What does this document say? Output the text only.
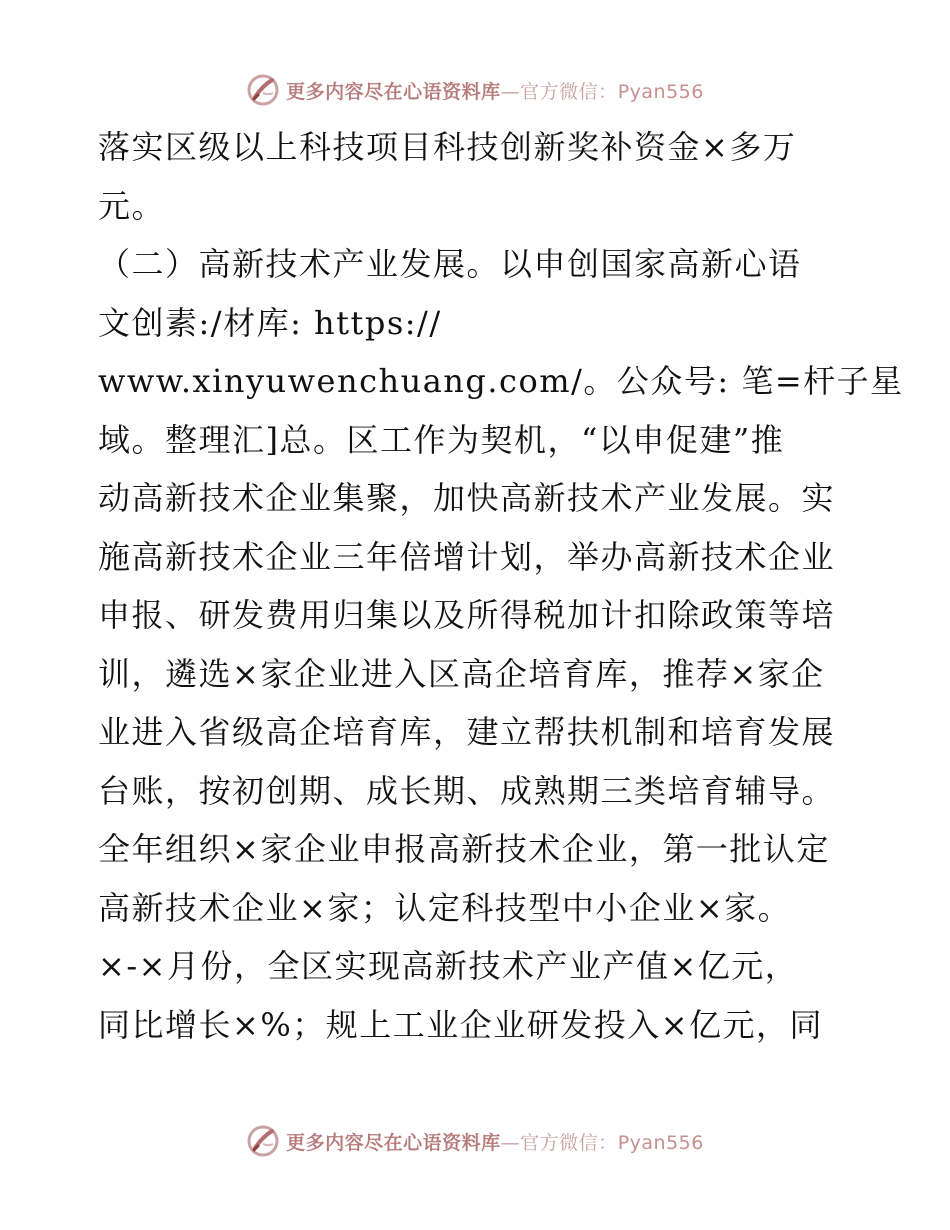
更多内容尽在心语资料库—官方微信：Pyan556
落实区级以上科技项目科技创新奖补资金×多万
元。
（二）高新技术产业发展。以申创国家高新心语
文创素:/材库: https://
www.xinyuwenchuang.com/。公众号: 笔=杆子星
域。整理汇]总。区工作为契机，“以申促建”推
动高新技术企业集聚，加快高新技术产业发展。实
施高新技术企业三年倍增计划，举办高新技术企业
申报、研发费用归集以及所得税加计扣除政策等培
训，遴选×家企业进入区高企培育库，推荐×家企
业进入省级高企培育库，建立帮扶机制和培育发展
台账，按初创期、成长期、成熟期三类培育辅导。
全年组织×家企业申报高新技术企业，第一批认定
高新技术企业×家；认定科技型中小企业×家。
×-×月份，全区实现高新技术产业产值×亿元，
同比增长×%；规上工业企业研发投入×亿元，同
更多内容尽在心语资料库—官方微信：Pyan556
